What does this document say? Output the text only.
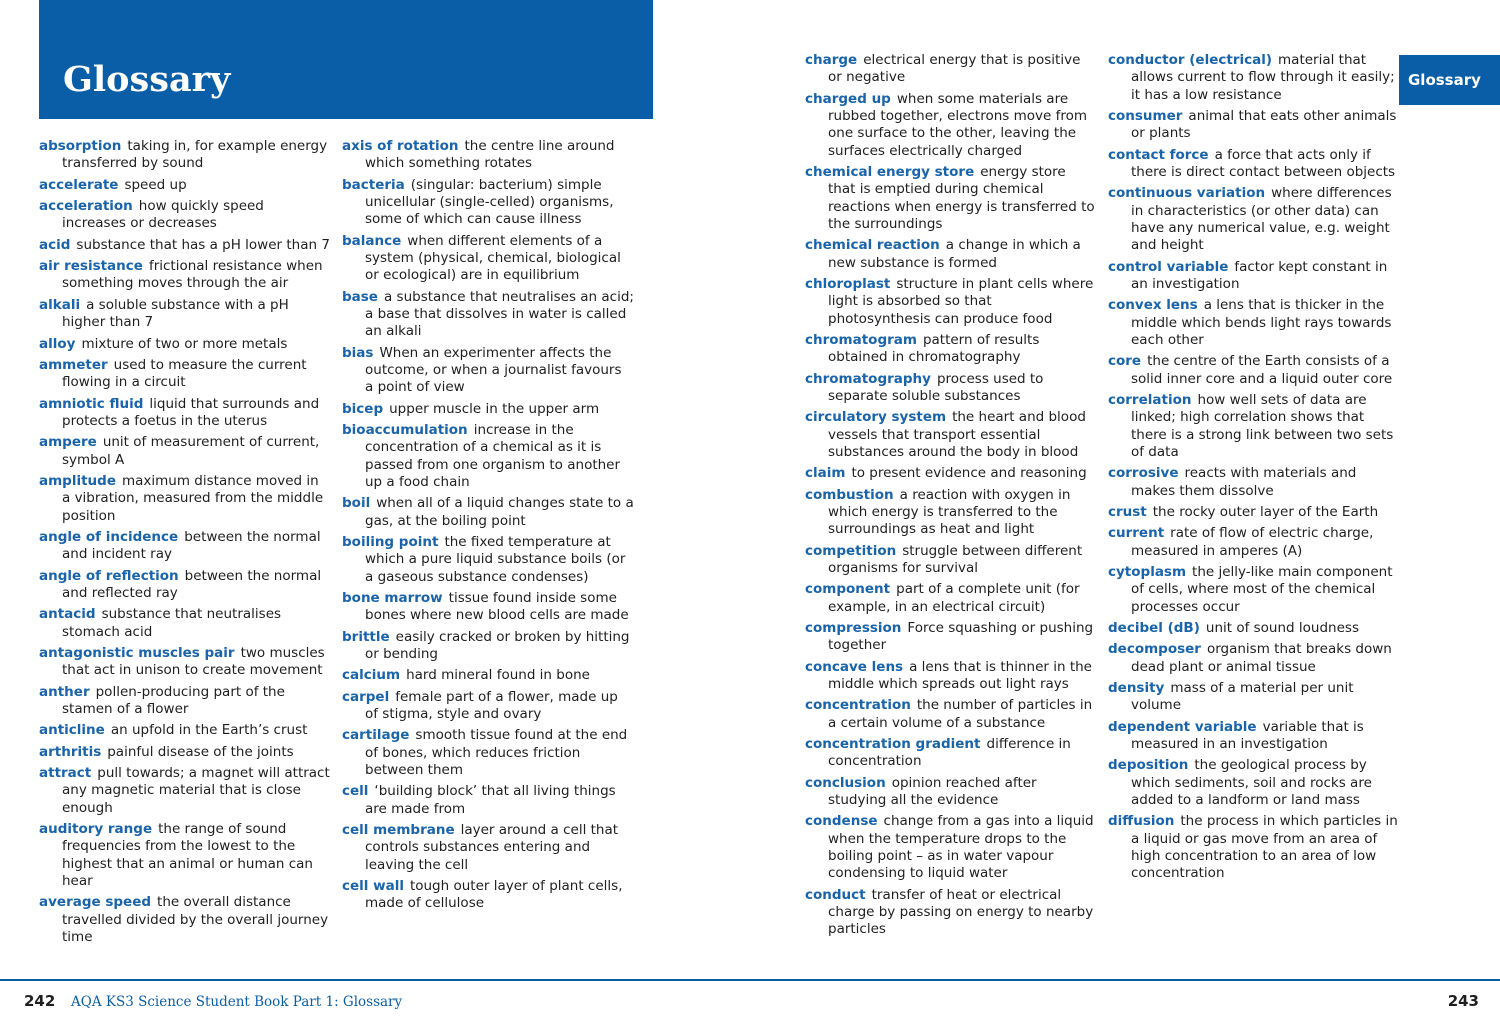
Glossary	Glossary

absorption taking in, for example energy transferred by sound

accelerate speed up

acceleration how quickly speed increases or decreases

acid substance that has a pH lower than 7

air resistance frictional resistance when something moves through the air

alkali a soluble substance with a pH higher than 7

alloy mixture of two or more metals

ammeter used to measure the current flowing in a circuit

amniotic fluid liquid that surrounds and protects a foetus in the uterus

ampere unit of measurement of current, symbol A

amplitude maximum distance moved in a vibration, measured from the middle position

angle of incidence between the normal and incident ray

angle of reflection between the normal and reflected ray

antacid substance that neutralises stomach acid

antagonistic muscles pair two muscles that act in unison to create movement

anther pollen-producing part of the stamen of a flower

anticline an upfold in the Earth’s crust

arthritis painful disease of the joints

attract pull towards; a magnet will attract any magnetic material that is close enough

auditory range the range of sound frequencies from the lowest to the highest that an animal or human can hear

average speed the overall distance travelled divided by the overall journey time

axis of rotation the centre line around which something rotates

bacteria (singular: bacterium) simple unicellular (single-celled) organisms, some of which can cause illness

balance when different elements of a system (physical, chemical, biological or ecological) are in equilibrium

base a substance that neutralises an acid; a base that dissolves in water is called an alkali

bias When an experimenter affects the outcome, or when a journalist favours a point of view

bicep upper muscle in the upper arm

bioaccumulation increase in the concentration of a chemical as it is passed from one organism to another up a food chain

boil when all of a liquid changes state to a gas, at the boiling point

boiling point the fixed temperature at which a pure liquid substance boils (or a gaseous substance condenses)

bone marrow tissue found inside some bones where new blood cells are made

brittle easily cracked or broken by hitting or bending

calcium hard mineral found in bone

carpel female part of a flower, made up of stigma, style and ovary

cartilage smooth tissue found at the end of bones, which reduces friction between them

cell ‘building block’ that all living things are made from

cell membrane layer around a cell that controls substances entering and leaving the cell

cell wall tough outer layer of plant cells, made of cellulose

charge electrical energy that is positive or negative

charged up when some materials are rubbed together, electrons move from one surface to the other, leaving the surfaces electrically charged

chemical energy store energy store that is emptied during chemical reactions when energy is transferred to the surroundings

chemical reaction a change in which a new substance is formed

chloroplast structure in plant cells where light is absorbed so that photosynthesis can produce food

chromatogram pattern of results obtained in chromatography

chromatography process used to separate soluble substances

circulatory system the heart and blood vessels that transport essential substances around the body in blood

claim to present evidence and reasoning

combustion a reaction with oxygen in which energy is transferred to the surroundings as heat and light

competition struggle between different organisms for survival

component part of a complete unit (for example, in an electrical circuit)

compression Force squashing or pushing together

concave lens a lens that is thinner in the middle which spreads out light rays

concentration the number of particles in a certain volume of a substance

concentration gradient difference in concentration

conclusion opinion reached after studying all the evidence

condense change from a gas into a liquid when the temperature drops to the boiling point – as in water vapour condensing to liquid water

conduct transfer of heat or electrical charge by passing on energy to nearby particles

conductor (electrical) material that allows current to flow through it easily; it has a low resistance

consumer animal that eats other animals or plants

contact force a force that acts only if there is direct contact between objects

continuous variation where differences in characteristics (or other data) can have any numerical value, e.g. weight and height

control variable factor kept constant in an investigation

convex lens a lens that is thicker in the middle which bends light rays towards each other

core the centre of the Earth consists of a solid inner core and a liquid outer core

correlation how well sets of data are linked; high correlation shows that there is a strong link between two sets of data

corrosive reacts with materials and makes them dissolve

crust the rocky outer layer of the Earth

current rate of flow of electric charge, measured in amperes (A)

cytoplasm the jelly-like main component of cells, where most of the chemical processes occur

decibel (dB) unit of sound loudness

decomposer organism that breaks down dead plant or animal tissue

density mass of a material per unit volume

dependent variable variable that is measured in an investigation

deposition the geological process by which sediments, soil and rocks are added to a landform or land mass

diffusion the process in which particles in a liquid or gas move from an area of high concentration to an area of low concentration

242 AQA KS3 Science Student Book Part 1: Glossary	243
